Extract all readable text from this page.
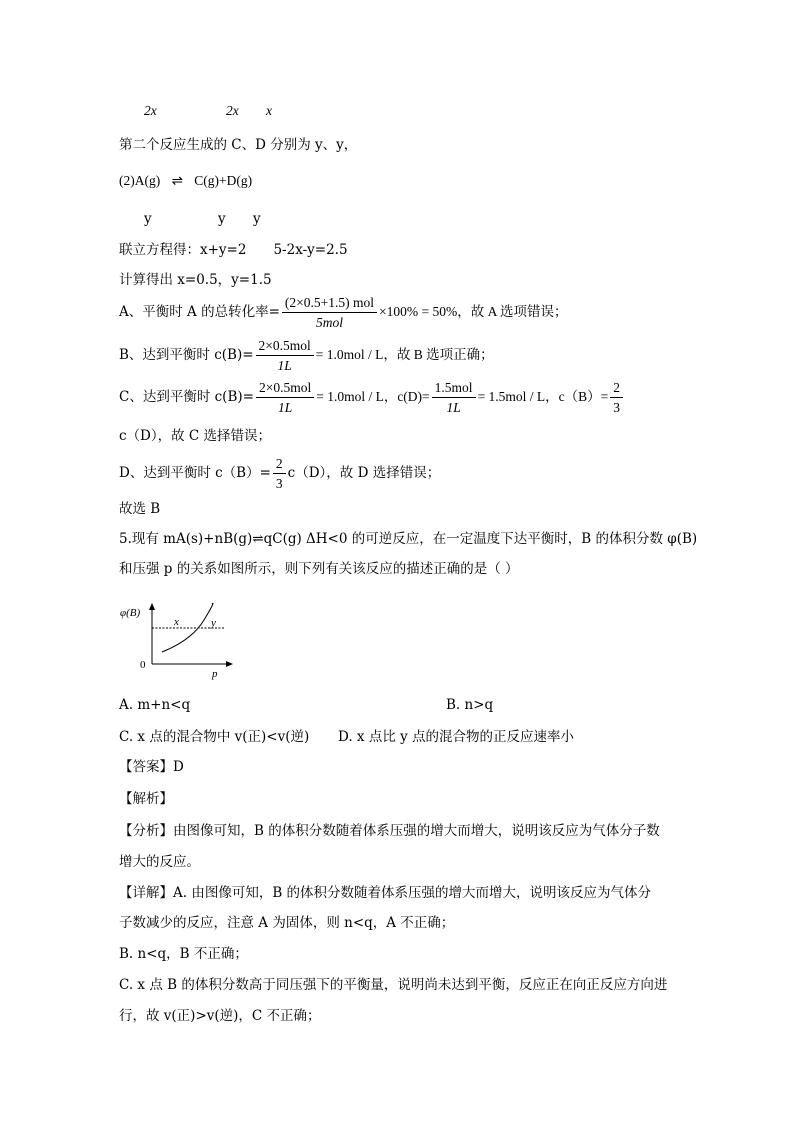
2x	2x x
第二个反应生成的 C、D 分别为 y、y，
(2)A(g) ⇌ C(g)+D(g)
y	y y
联立方程得：x+y=2　　5-2x-y=2.5
计算得出 x=0.5，y=1.5
A、平衡时 A 的总转化率= $\frac{\text{(2×0.5+1.5) mol}}{\text{5mol}} \times 100\% = 50\%$，故 A 选项错误；
B、达到平衡时 $c(B)= \frac{\text{2×0.5mol}}{1L} = 1.0mol / L$，故 B 选项正确；
C、达到平衡时 $c(B)= \frac{\text{2×0.5mol}}{1L} = 1.0mol / L$，$c(D)= \frac{\text{1.5mol}}{1L} = 1.5mol / L$，$c(B)= \frac{2}{3}$
c（D），故 C 选择错误；
D、达到平衡时 $c(B)= \frac{2}{3} c(D)$，故 D 选择错误；
故选 B
5.现有 mA(s)+nB(g)⇌qC(g) ΔH<0 的可逆反应，在一定温度下达平衡时，B 的体积分数 φ(B)
和压强 p 的关系如图所示，则下列有关该反应的描述正确的是（ ）
φ(B)
x	y
0
p
A. m+n<q	B. n>q
C. x 点的混合物中 v(正)<v(逆) D. x 点比 y 点的混合物的正反应速率小
【答案】D
【解析】
【分析】由图像可知，B 的体积分数随着体系压强的增大而增大，说明该反应为气体分子数
增大的反应。
【详解】A. 由图像可知，B 的体积分数随着体系压强的增大而增大，说明该反应为气体分
子数减少的反应，注意 A 为固体，则 n<q，A 不正确；
B. n<q，B 不正确；
C. x 点 B 的体积分数高于同压强下的平衡量，说明尚未达到平衡，反应正在向正反应方向进
行，故 v(正)>v(逆)，C 不正确；
